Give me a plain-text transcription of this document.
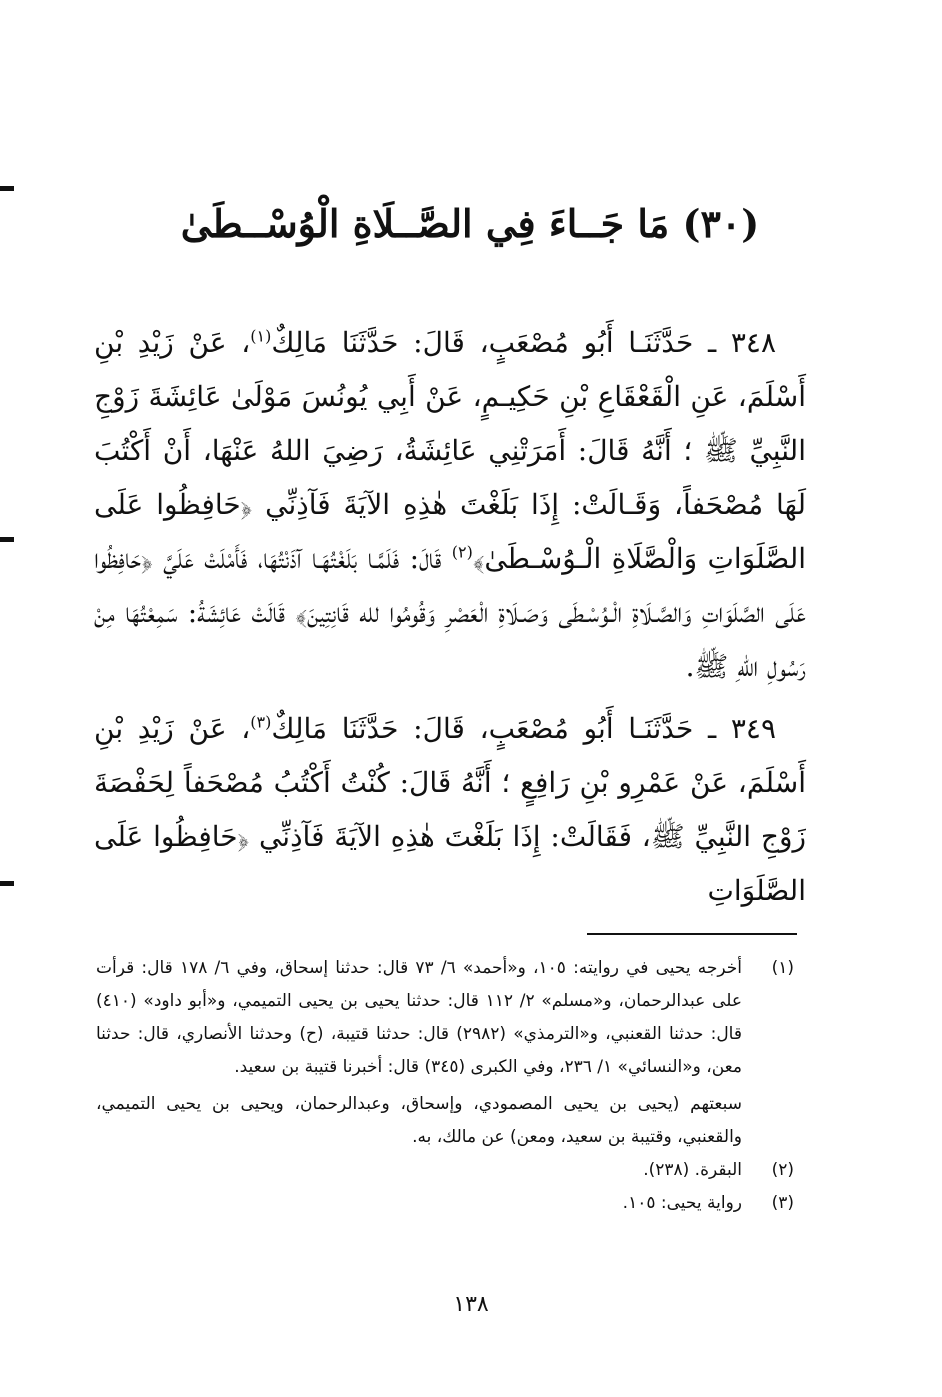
(٣٠) مَا جَــاءَ فِي الصَّــلَاةِ الْوُسْــطَىٰ

٣٤٨ ـ حَدَّثَنَـا أَبُو مُصْعَبٍ، قَالَ: حَدَّثَنَا مَالِكٌ$^{(١)}$، عَنْ زَيْدِ بْنِ أَسْلَمَ، عَنِ الْقَعْقَاعِ بْنِ حَكِيـمٍ، عَنْ أَبِي يُونُسَ مَوْلَىٰ عَائِشَةَ زَوْجِ النَّبِيِّ ﷺ ؛ أَنَّهُ قَالَ: أَمَرَتْنِي عَائِشَةُ، رَضِيَ اللهُ عَنْهَا، أَنْ أَكْتُبَ لَهَا مُصْحَفاً، وَقَـالَتْ: إِذَا بَلَغْتَ هٰذِهِ الآيَةَ فَآذِنِّي ﴿حَافِظُوا عَلَى الصَّلَوَاتِ وَالْصَّلَاةِ الْـوُسْـطَىٰ﴾$^{(٢)}$ قَالَ: فَلَمَّـا بَلَغْتُهَـا آذَنْتُهَا، فَأَمْلَتْ عَلَيَّ ﴿حَافِظُوا عَلَى الصَّلَوَاتِ وَالصَّـلَاةِ الْـوُسْـطَى وَصَـلَاةِ الْعَصْرِ وَقُومُوا لله قَانِتِينَ﴾ قَالَتْ عَائِشَةُ: سَمِعْتُهَا مِنْ رَسُولِ اللهِ ﷺ.

٣٤٩ ـ حَدَّثَنَـا أَبُو مُصْعَبٍ، قَالَ: حَدَّثَنَا مَالِكٌ$^{(٣)}$، عَنْ زَيْدِ بْنِ أَسْلَمَ، عَنْ عَمْرِو بْنِ رَافِعٍ ؛ أَنَّهُ قَالَ: كُنْتُ أَكْتُبُ مُصْحَفاً لِحَفْصَةَ زَوْجِ النَّبِيِّ ﷺ، فَقَالَتْ: إِذَا بَلَغْتَ هٰذِهِ الآيَةَ فَآذِنِّي ﴿حَافِظُوا عَلَى الصَّلَوَاتِ

(١)
أخرجه يحيى في روايته: ١٠٥، و«أحمد» ٦/ ٧٣ قال: حدثنا إسحاق، وفي ٦/ ١٧٨ قال: قرأت على عبدالرحمان، و«مسلم» ٢/ ١١٢ قال: حدثنا يحيى بن يحيى التميمي، و«أبو داود» (٤١٠) قال: حدثنا القعنبي، و«الترمذي» (٢٩٨٢) قال: حدثنا قتيبة، (ح) وحدثنا الأنصاري، قال: حدثنا معن، و«النسائي» ١/ ٢٣٦، وفي الكبرى (٣٤٥) قال: أخبرنا قتيبة بن سعيد.
سبعتهم (يحيى بن يحيى المصمودي، وإسحاق، وعبدالرحمان، ويحيى بن يحيى التميمي، والقعنبي، وقتيبة بن سعيد، ومعن) عن مالك، به.
(٢)
البقرة. (٢٣٨).
(٣)
رواية يحيى: ١٠٥.
١٣٨
